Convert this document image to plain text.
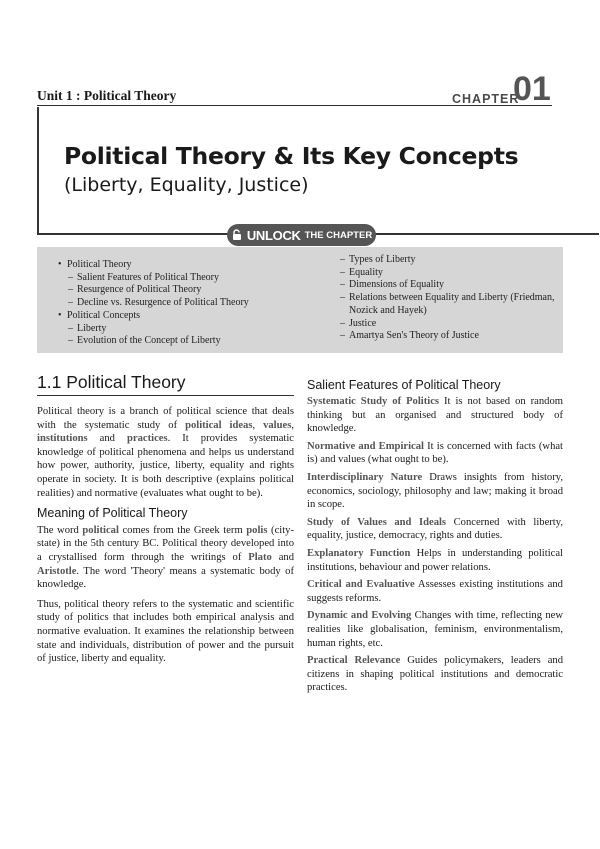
Unit 1 : Political Theory	CHAPTER
01
Political Theory & Its Key Concepts
(Liberty, Equality, Justice)
UNLOCK THE CHAPTER
• Political Theory
– Salient Features of Political Theory
– Resurgence of Political Theory
– Decline vs. Resurgence of Political Theory
• Political Concepts
– Liberty
– Evolution of the Concept of Liberty
– Types of Liberty
– Equality
– Dimensions of Equality
– Relations between Equality and Liberty (Friedman, Nozick and Hayek)
– Justice
– Amartya Sen's Theory of Justice
1.1 Political Theory

Political theory is a branch of political science that deals with the systematic study of political ideas, values, institutions and practices. It provides systematic knowledge of political phenomena and helps us understand how power, authority, justice, liberty, equality and rights operate in society. It is both descriptive (explains political realities) and normative (evaluates what ought to be).

Meaning of Political Theory

The word political comes from the Greek term polis (city-state) in the 5th century BC. Political theory developed into a crystallised form through the writings of Plato and Aristotle. The word 'Theory' means a systematic body of knowledge.

Thus, political theory refers to the systematic and scientific study of politics that includes both empirical analysis and normative evaluation. It examines the relationship between state and individuals, distribution of power and the pursuit of justice, liberty and equality.

Salient Features of Political Theory

Systematic Study of Politics It is not based on random thinking but an organised and structured body of knowledge.

Normative and Empirical It is concerned with facts (what is) and values (what ought to be).

Interdisciplinary Nature Draws insights from history, economics, sociology, philosophy and law; making it broad in scope.

Study of Values and Ideals Concerned with liberty, equality, justice, democracy, rights and duties.

Explanatory Function Helps in understanding political institutions, behaviour and power relations.

Critical and Evaluative Assesses existing institutions and suggests reforms.

Dynamic and Evolving Changes with time, reflecting new realities like globalisation, feminism, environmentalism, human rights, etc.

Practical Relevance Guides policymakers, leaders and citizens in shaping political institutions and democratic practices.
